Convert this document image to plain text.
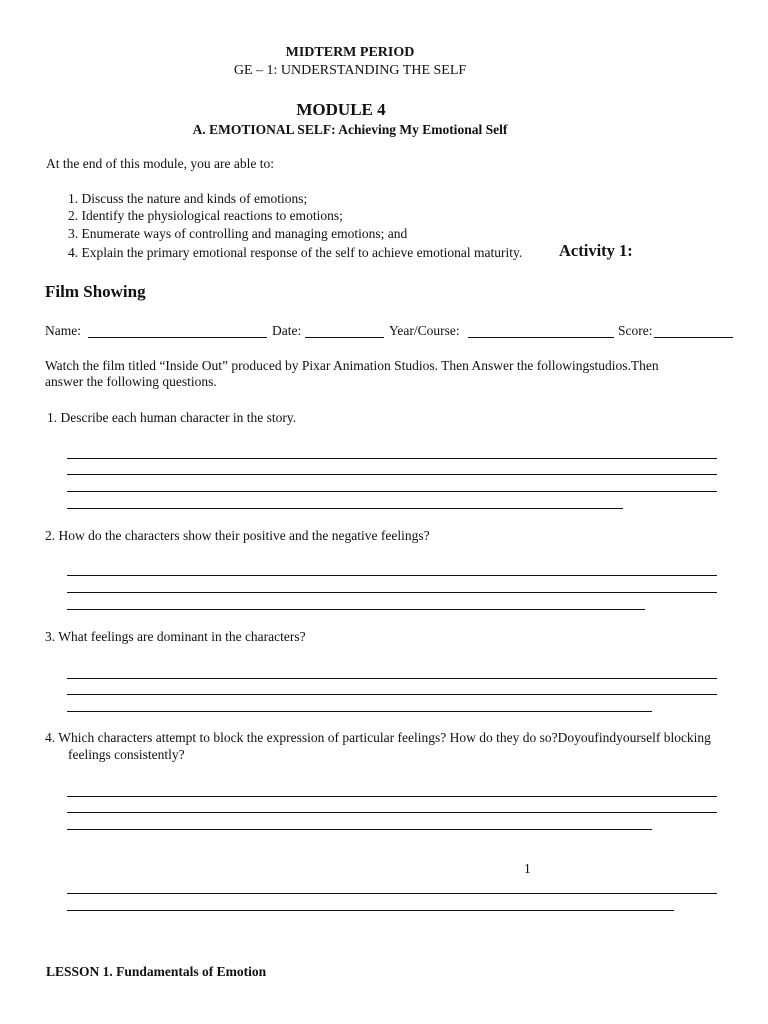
MIDTERM PERIOD
GE – 1: UNDERSTANDING THE SELF
MODULE 4
A. EMOTIONAL SELF: Achieving My Emotional Self
At the end of this module, you are able to:
1. Discuss the nature and kinds of emotions;
2. Identify the physiological reactions to emotions;
3. Enumerate ways of controlling and managing emotions; and
4. Explain the primary emotional response of the self to achieve emotional maturity. Activity 1:
Film Showing
Name:	Date:	Year/Course:	Score:
Watch the film titled “Inside Out” produced by Pixar Animation Studios. Then Answer the followingstudios.Then
answer the following questions.
1. Describe each human character in the story.
2. How do the characters show their positive and the negative feelings?
3. What feelings are dominant in the characters?
4. Which characters attempt to block the expression of particular feelings? How do they do so?Doyoufindyourself blocking
feelings consistently?
1
LESSON 1. Fundamentals of Emotion
